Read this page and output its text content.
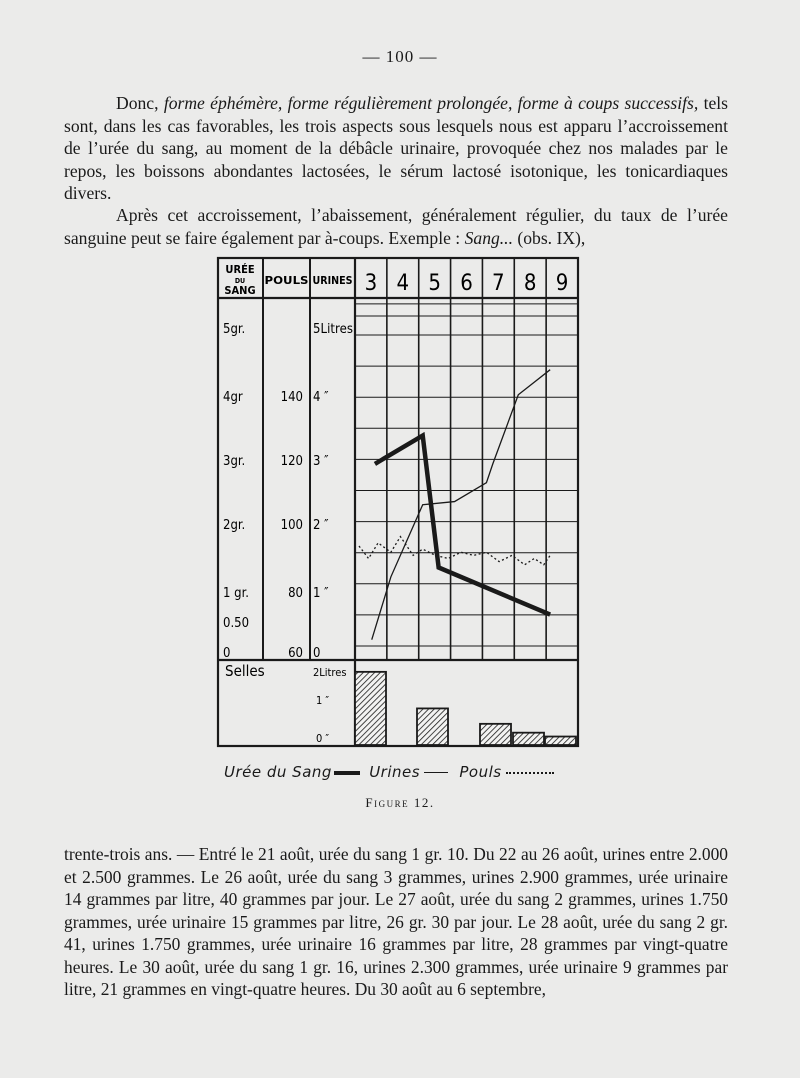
— 100 —

Donc, forme éphémère, forme régulièrement prolongée, forme à coups successifs, tels sont, dans les cas favorables, les trois aspects sous lesquels nous est apparu l’accroissement de l’urée du sang, au moment de la débâcle urinaire, provoquée chez nos malades par le repos, les boissons abondantes lactosées, le sérum lactosé isotonique, les tonicardiaques divers.

Après cet accroissement, l’abaissement, généralement régulier, du taux de l’urée sanguine peut se faire également par à-coups. Exemple : Sang... (obs. IX),

URÉE
DU
SANG
POULS URINES 3 4 5 6 7 8 9
5gr.
4gr
3gr.
2gr.
1 gr.
0.50
0
140
120
100
80
60
5Litres
4 ″
3 ″
2 ″
1 ″
0
Selles	2Litres
1 ″
0 ″
Urée du Sang Urines	Pouls
Figure 12.

trente-trois ans. — Entré le 21 août, urée du sang 1 gr. 10. Du 22 au 26 août, urines entre 2.000 et 2.500 grammes. Le 26 août, urée du sang 3 grammes, urines 2.900 grammes, urée urinaire 14 grammes par litre, 40 grammes par jour. Le 27 août, urée du sang 2 grammes, urines 1.750 grammes, urée urinaire 15 grammes par litre, 26 gr. 30 par jour. Le 28 août, urée du sang 2 gr. 41, urines 1.750 grammes, urée urinaire 16 grammes par litre, 28 grammes par vingt-quatre heures. Le 30 août, urée du sang 1 gr. 16, urines 2.300 grammes, urée urinaire 9 grammes par litre, 21 grammes en vingt-quatre heures. Du 30 août au 6 septembre,
